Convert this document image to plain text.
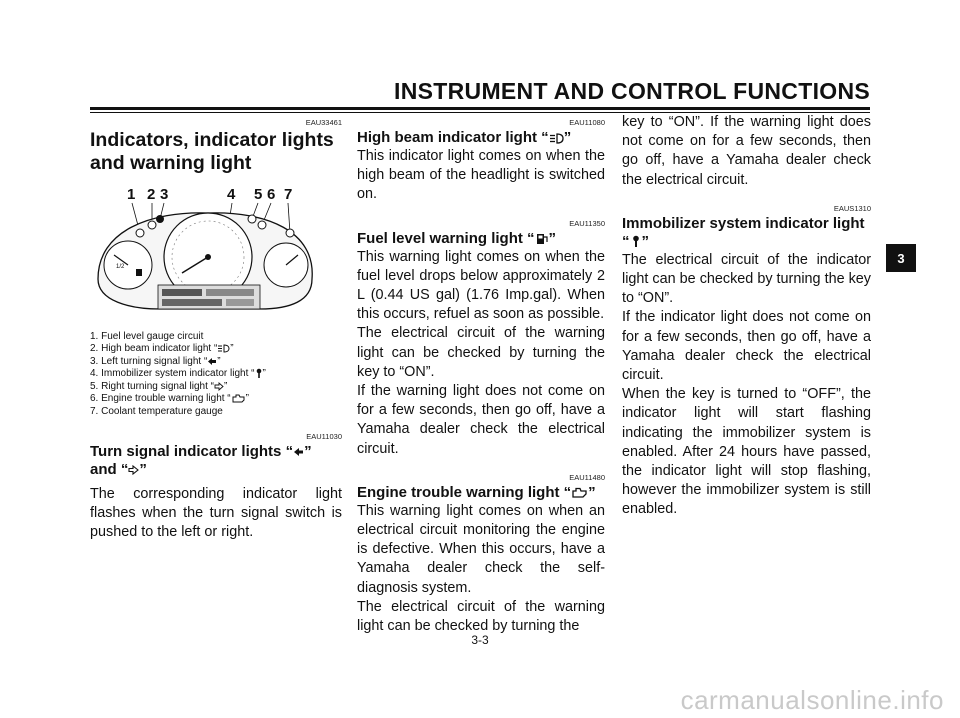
INSTRUMENT AND CONTROL FUNCTIONS
EAU33461
Indicators, indicator lights and warning light
1 2 3	4 5 6 7
1/2
1. Fuel level gauge circuit
2. High beam indicator light “ ”
3. Left turning signal light “ ”
4. Immobilizer system indicator light “ ”
5. Right turning signal light “ ”
6. Engine trouble warning light “ ”
7. Coolant temperature gauge
EAU11030
Turn signal indicator lights “ ” and “ ”

The corresponding indicator light flashes when the turn signal switch is pushed to the left or right.

EAU11080
High beam indicator light “ ”

This indicator light comes on when the high beam of the headlight is switched on.

EAU11350
Fuel level warning light “ ”

This warning light comes on when the fuel level drops below approximately 2 L (0.44 US gal) (1.76 Imp.gal). When this occurs, refuel as soon as possible.

The electrical circuit of the warning light can be checked by turning the key to “ON”.

If the warning light does not come on for a few seconds, then go off, have a Yamaha dealer check the electrical circuit.

EAU11480
Engine trouble warning light “ ”

This warning light comes on when an electrical circuit monitoring the engine is defective. When this occurs, have a Yamaha dealer check the self-diagnosis system.

The electrical circuit of the warning light can be checked by turning the

key to “ON”. If the warning light does not come on for a few seconds, then go off, have a Yamaha dealer check the electrical circuit.

EAUS1310
Immobilizer system indicator light
“ ”

The electrical circuit of the indicator light can be checked by turning the key to “ON”.

If the indicator light does not come on for a few seconds, then go off, have a Yamaha dealer check the electrical circuit.

When the key is turned to “OFF”, the indicator light will start flashing indicating the immobilizer system is enabled. After 24 hours have passed, the indicator light will stop flashing, however the immobilizer system is still enabled.

3
3-3
carmanualsonline.info
